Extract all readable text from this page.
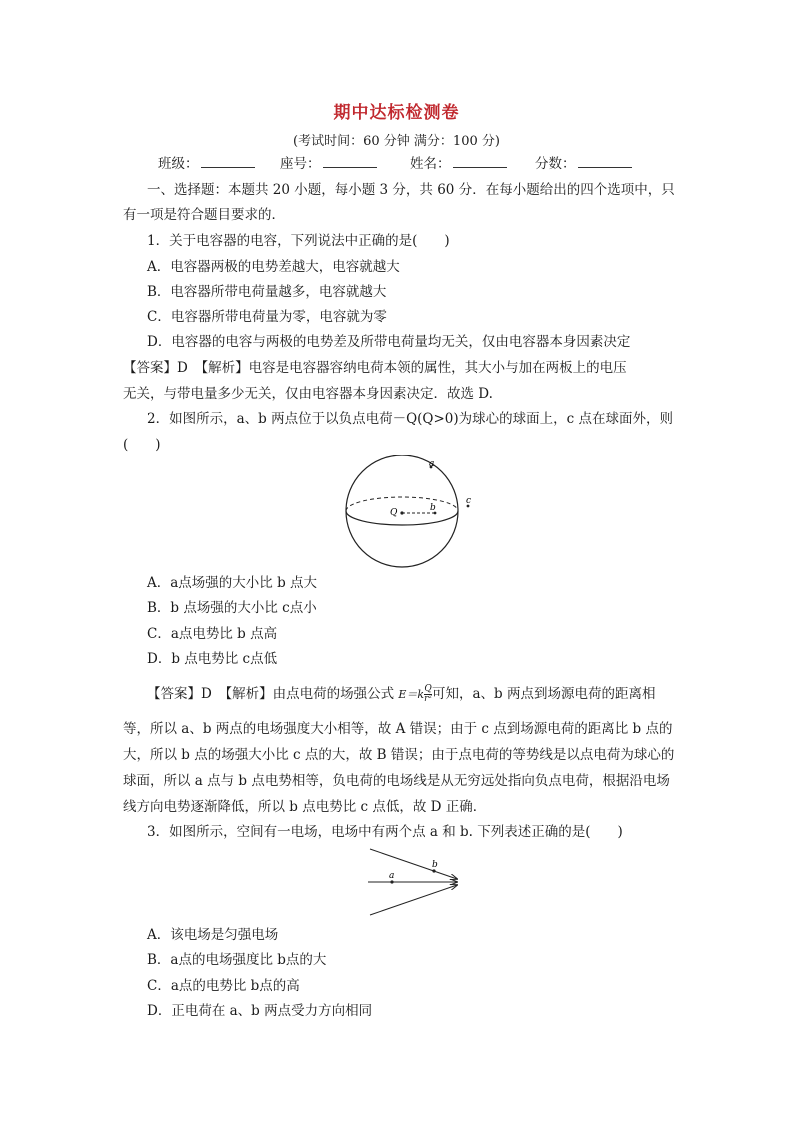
期中达标检测卷
(考试时间：60 分钟 满分：100 分)
班级：	座号：	姓名：	分数：
一、选择题：本题共 20 小题，每小题 3 分，共 60 分．在每小题给出的四个选项中，只
有一项是符合题目要求的．
1．关于电容器的电容，下列说法中正确的是(　　)
A．电容器两极的电势差越大，电容就越大
B．电容器所带电荷量越多，电容就越大
C．电容器所带电荷量为零，电容就为零
D．电容器的电容与两极的电势差及所带电荷量均无关，仅由电容器本身因素决定
【答案】D　 【解析】电容是电容器容纳电荷本领的属性，其大小与加在两板上的电压
无关，与带电量多少无关，仅由电容器本身因素决定．故选 D.
2．如图所示，a、b 两点位于以负点电荷－Q(Q>0)为球心的球面上，c 点在球面外，则
(　　)
a
Q	b
c
A．a点场强的大小比 b 点大
B．b 点场强的大小比 c点小
C．a点电势比 b 点高
D．b 点电势比 c点低
【答案】D　 【解析】由点电荷的场强公式 $E=k \frac{Q}{\text{r²}}$ 可知，a、b 两点到场源电荷的距离相
等，所以 a、b 两点的电场强度大小相等，故 A 错误；由于 c 点到场源电荷的距离比 b 点的
大，所以 b 点的场强大小比 c 点的大，故 B 错误；由于点电荷的等势线是以点电荷为球心的
球面，所以 a 点与 b 点电势相等，负电荷的电场线是从无穷远处指向负点电荷，根据沿电场
线方向电势逐渐降低，所以 b 点电势比 c 点低，故 D 正确．
3．如图所示，空间有一电场，电场中有两个点 a 和 b. 下列表述正确的是(　　)
a
b
A．该电场是匀强电场
B．a点的电场强度比 b点的大
C．a点的电势比 b点的高
D．正电荷在 a、b 两点受力方向相同
